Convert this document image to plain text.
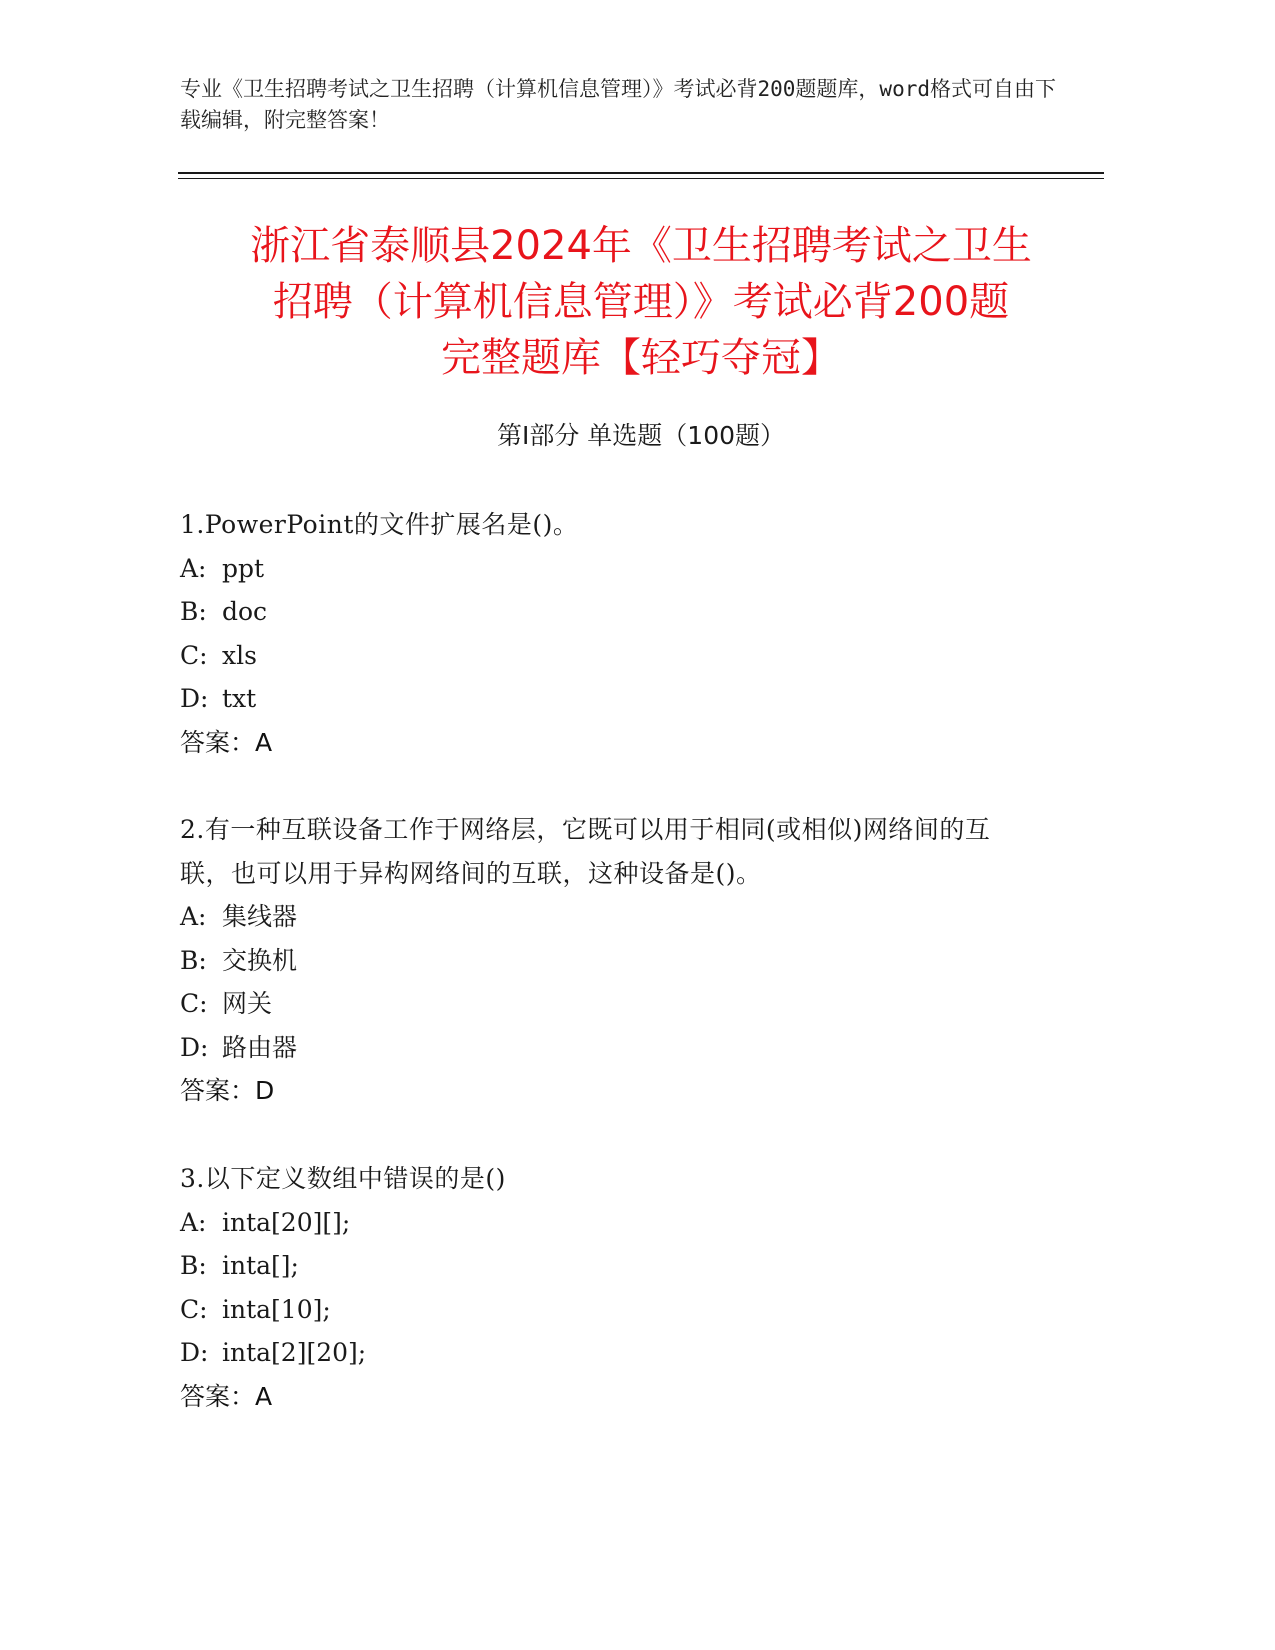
专业《卫生招聘考试之卫生招聘（计算机信息管理）》考试必背200题题库，word格式可自由下载编辑，附完整答案！
浙江省泰顺县2024年《卫生招聘考试之卫生
招聘（计算机信息管理）》考试必背200题
完整题库【轻巧夺冠】
第Ⅰ部分 单选题（100题）
1.PowerPoint的文件扩展名是()。
A: ppt
B: doc
C: xls
D: txt
答案：A
2.有一种互联设备工作于网络层，它既可以用于相同(或相似)网络间的互联，也可以用于异构网络间的互联，这种设备是()。
A: 集线器
B: 交换机
C: 网关
D: 路由器
答案：D
3.以下定义数组中错误的是()
A: inta[20][];
B: inta[];
C: inta[10];
D: inta[2][20];
答案：A
